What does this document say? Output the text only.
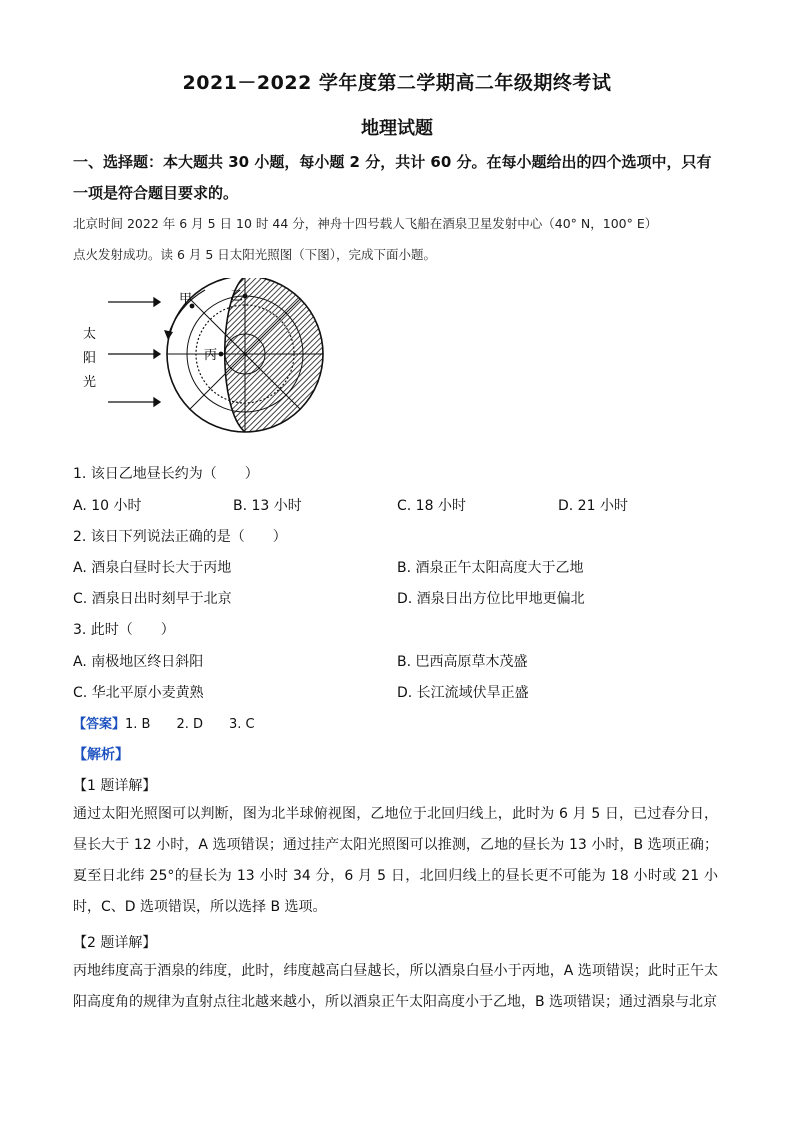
2021－2022 学年度第二学期高二年级期终考试
地理试题
一、选择题：本大题共 30 小题，每小题 2 分，共计 60 分。在每小题给出的四个选项中，只有一项是符合题目要求的。
北京时间 2022 年 6 月 5 日 10 时 44 分，神舟十四号载人飞船在酒泉卫星发射中心（40° N，100° E）
点火发射成功。读 6 月 5 日太阳光照图（下图），完成下面小题。
甲	乙
丙
太
阳
光
1. 该日乙地昼长约为（　　）
A. 10 小时	B. 13 小时	C. 18 小时	D. 21 小时
2. 该日下列说法正确的是（　　）
A. 酒泉白昼时长大于丙地	B. 酒泉正午太阳高度大于乙地
C. 酒泉日出时刻早于北京	D. 酒泉日出方位比甲地更偏北
3. 此时（　　）
A. 南极地区终日斜阳	B. 巴西高原草木茂盛
C. 华北平原小麦黄熟	D. 长江流域伏旱正盛
【答案】1. B　　2. D　　3. C
【解析】
【1 题详解】
通过太阳光照图可以判断，图为北半球俯视图，乙地位于北回归线上，此时为 6 月 5 日，已过春分日，昼长大于 12 小时，A 选项错误；通过挂产太阳光照图可以推测，乙地的昼长为 13 小时，B 选项正确；夏至日北纬 25°的昼长为 13 小时 34 分，6 月 5 日，北回归线上的昼长更不可能为 18 小时或 21 小时，C、D 选项错误，所以选择 B 选项。
【2 题详解】
丙地纬度高于酒泉的纬度，此时，纬度越高白昼越长，所以酒泉白昼小于丙地，A 选项错误；此时正午太阳高度角的规律为直射点往北越来越小，所以酒泉正午太阳高度小于乙地，B 选项错误；通过酒泉与北京
